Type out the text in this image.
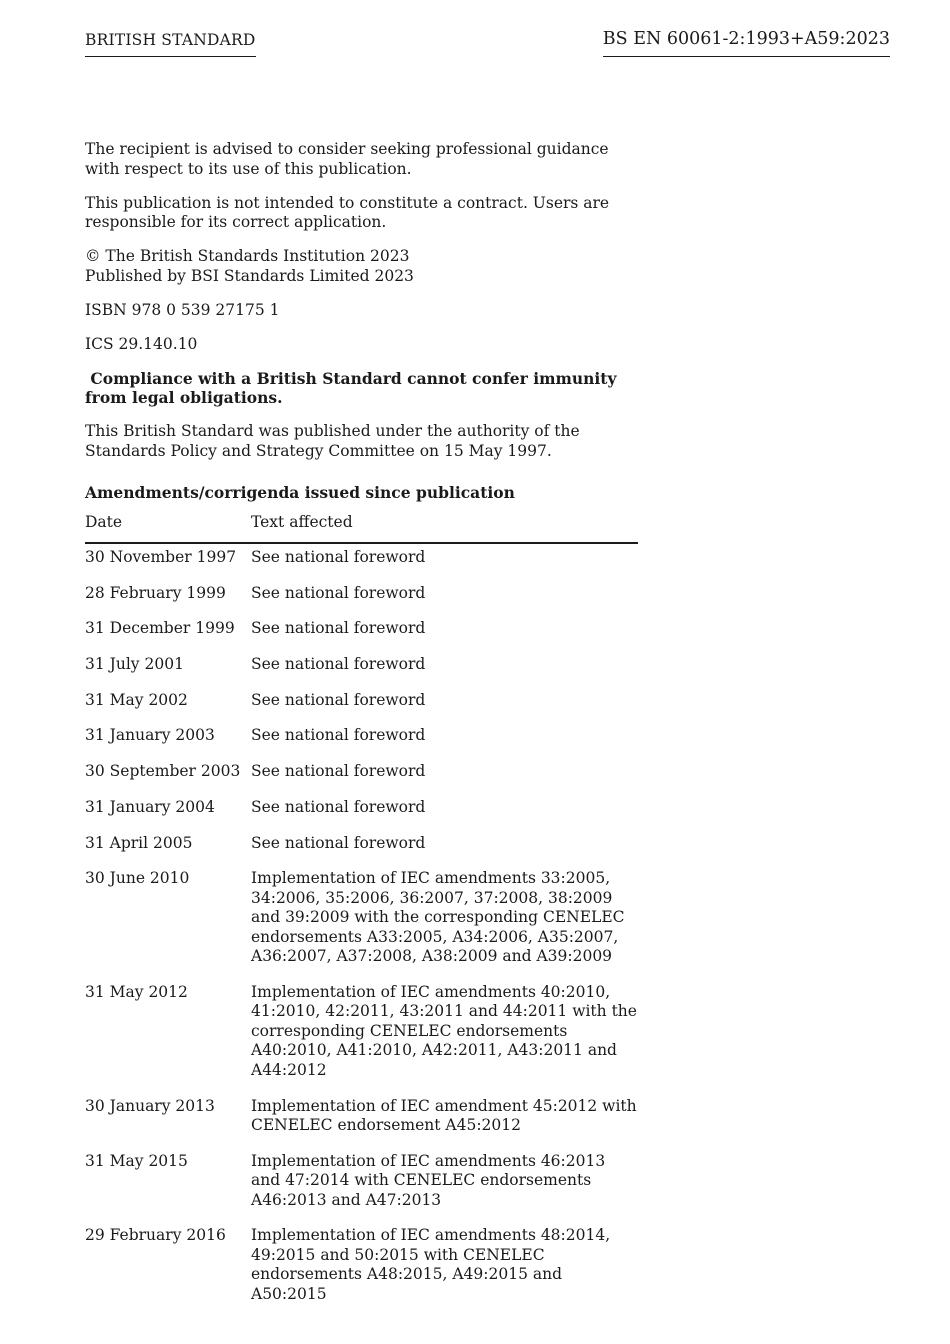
BRITISH STANDARD	BS EN 60061-2:1993+A59:2023

The recipient is advised to consider seeking professional guidance with respect to its use of this publication.

This publication is not intended to constitute a contract. Users are responsible for its correct application.

© The British Standards Institution 2023
Published by BSI Standards Limited 2023

ISBN 978 0 539 27175 1

ICS 29.140.10

Compliance with a British Standard cannot confer immunity from legal obligations.

This British Standard was published under the authority of the Standards Policy and Strategy Committee on 15 May 1997.

Amendments/corrigenda issued since publication
Date	Text affected
30 November 1997	See national foreword
28 February 1999	See national foreword
31 December 1999	See national foreword
31 July 2001	See national foreword
31 May 2002	See national foreword
31 January 2003	See national foreword
30 September 2003	See national foreword
31 January 2004	See national foreword
31 April 2005	See national foreword
30 June 2010	Implementation of IEC amendments 33:2005, 34:2006, 35:2006, 36:2007, 37:2008, 38:2009 and 39:2009 with the corresponding CENELEC endorsements A33:2005, A34:2006, A35:2007, A36:2007, A37:2008, A38:2009 and A39:2009
31 May 2012	Implementation of IEC amendments 40:2010, 41:2010, 42:2011, 43:2011 and 44:2011 with the corresponding CENELEC endorsements A40:2010, A41:2010, A42:2011, A43:2011 and A44:2012
30 January 2013	Implementation of IEC amendment 45:2012 with CENELEC endorsement A45:2012
31 May 2015	Implementation of IEC amendments 46:2013 and 47:2014 with CENELEC endorsements A46:2013 and A47:2013
29 February 2016	Implementation of IEC amendments 48:2014, 49:2015 and 50:2015 with CENELEC endorsements A48:2015, A49:2015 and A50:2015
